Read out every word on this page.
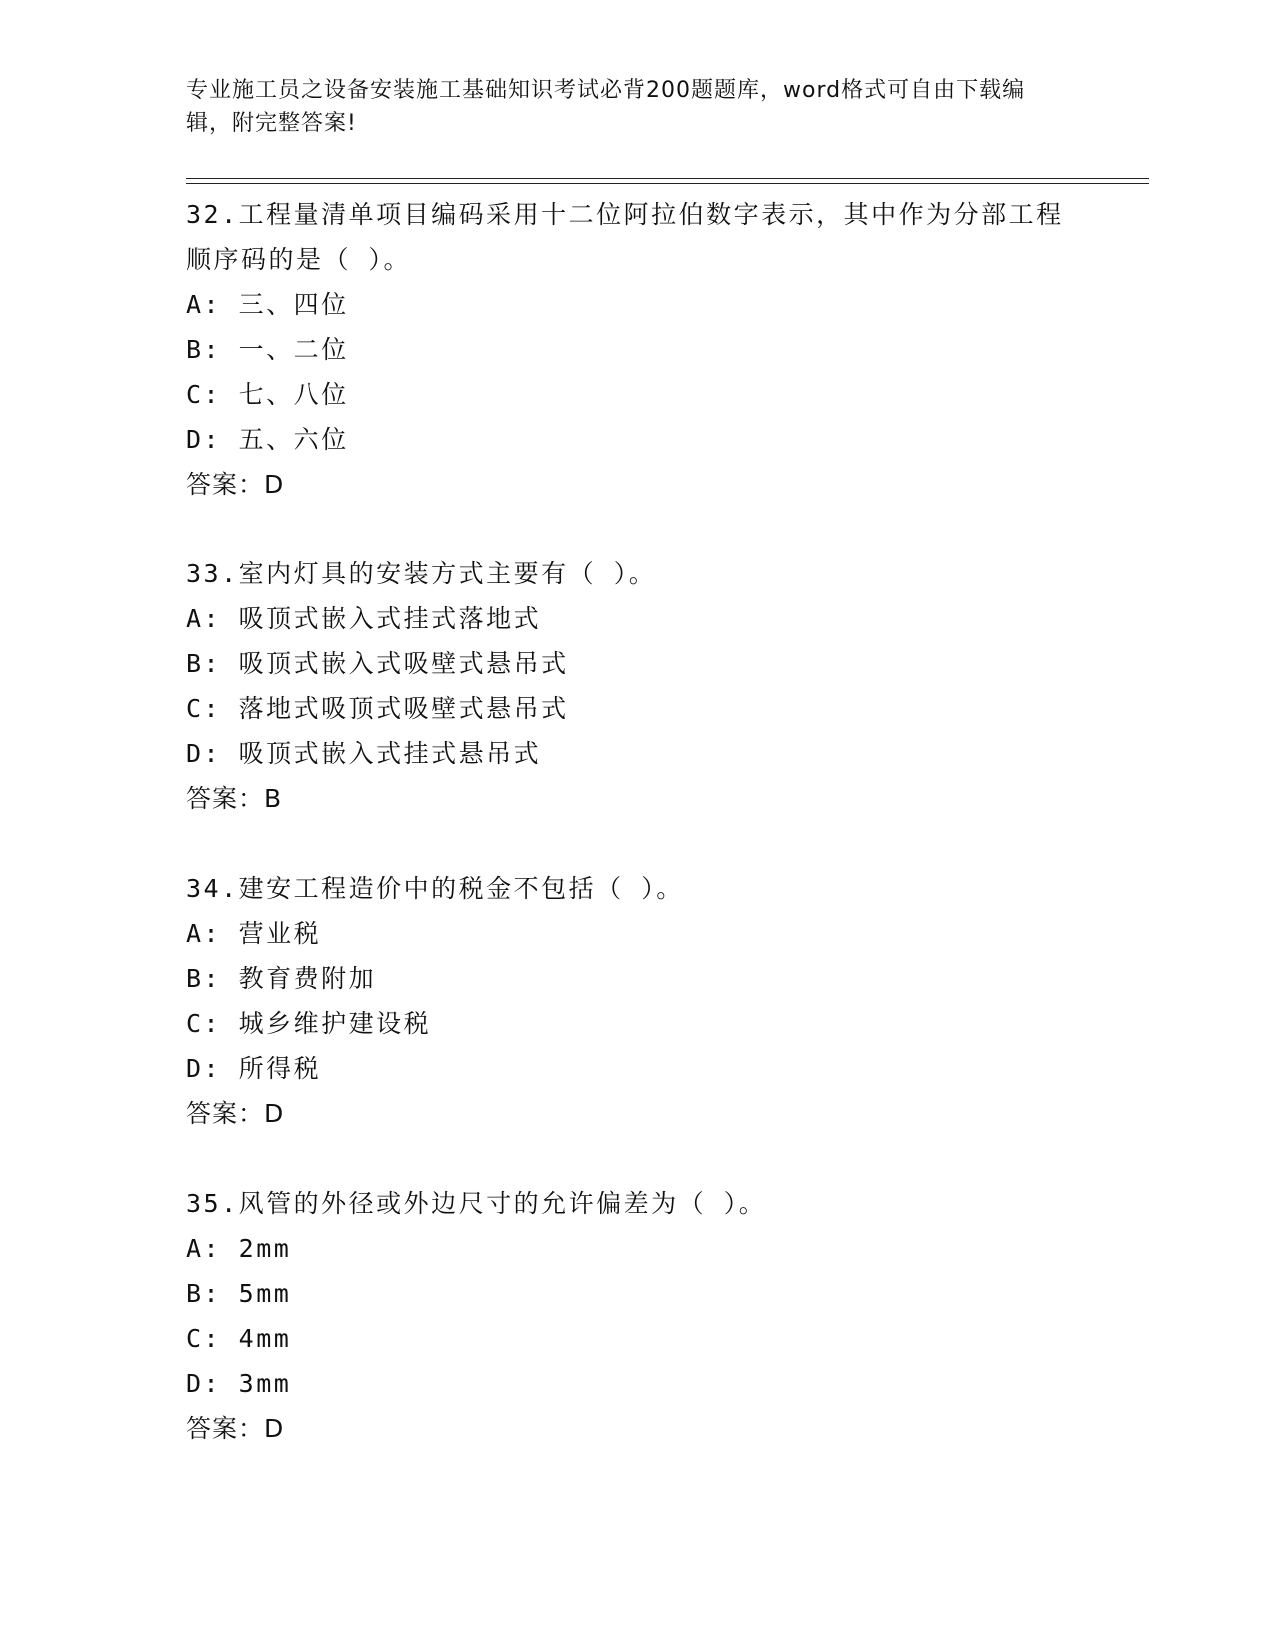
专业施工员之设备安装施工基础知识考试必背200题题库，word格式可自由下载编辑，附完整答案!
32.工程量清单项目编码采用十二位阿拉伯数字表示，其中作为分部工程顺序码的是（ ）。
A: 三、四位
B: 一、二位
C: 七、八位
D: 五、六位
答案：D
33.室内灯具的安装方式主要有（ ）。
A: 吸顶式嵌入式挂式落地式
B: 吸顶式嵌入式吸壁式悬吊式
C: 落地式吸顶式吸壁式悬吊式
D: 吸顶式嵌入式挂式悬吊式
答案：B
34.建安工程造价中的税金不包括（ ）。
A: 营业税
B: 教育费附加
C: 城乡维护建设税
D: 所得税
答案：D
35.风管的外径或外边尺寸的允许偏差为（ ）。
A: 2mm
B: 5mm
C: 4mm
D: 3mm
答案：D
